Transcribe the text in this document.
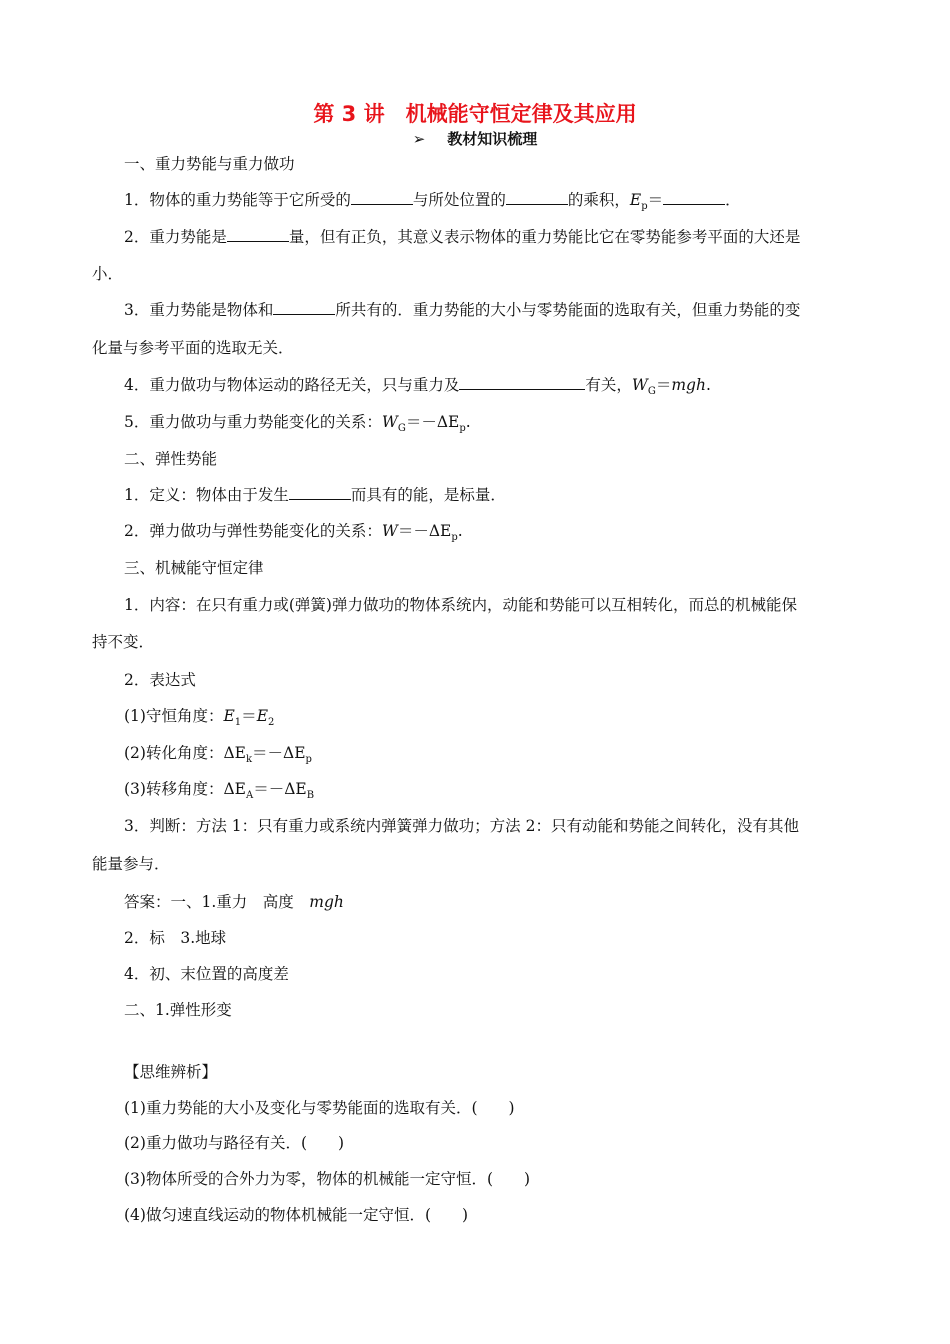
第 3 讲　机械能守恒定律及其应用
➢ 教材知识梳理
一、重力势能与重力做功
1．物体的重力势能等于它所受的	与所处位置的	的乘积，$E_p=$	．
2．重力势能是	量，但有正负，其意义表示物体的重力势能比它在零势能参考平面的大还是
小．
3．重力势能是物体和	所共有的．重力势能的大小与零势能面的选取有关，但重力势能的变
化量与参考平面的选取无关．
4．重力做功与物体运动的路径无关，只与重力及	有关，$W_G=mgh$.
5．重力做功与重力势能变化的关系：$W_G=-\Delta E_p$.
二、弹性势能
1．定义：物体由于发生	而具有的能，是标量．
2．弹力做功与弹性势能变化的关系：$W=-\Delta E_p$.
三、机械能守恒定律
1．内容：在只有重力或(弹簧)弹力做功的物体系统内，动能和势能可以互相转化，而总的机械能保
持不变．
2．表达式
(1)守恒角度：$E_1=E_2$
(2)转化角度：$\Delta E_k=-\Delta E_p$
(3)转移角度：$\Delta E_A=-\Delta E_B$
3．判断：方法 1：只有重力或系统内弹簧弹力做功；方法 2：只有动能和势能之间转化，没有其他
能量参与．
答案：一、1.重力　高度　mgh
2．标　3.地球
4．初、末位置的高度差
二、1.弹性形变
【思维辨析】
(1)重力势能的大小及变化与零势能面的选取有关．(　　)
(2)重力做功与路径有关．(　　)
(3)物体所受的合外力为零，物体的机械能一定守恒．(　　)
(4)做匀速直线运动的物体机械能一定守恒．(　　)
